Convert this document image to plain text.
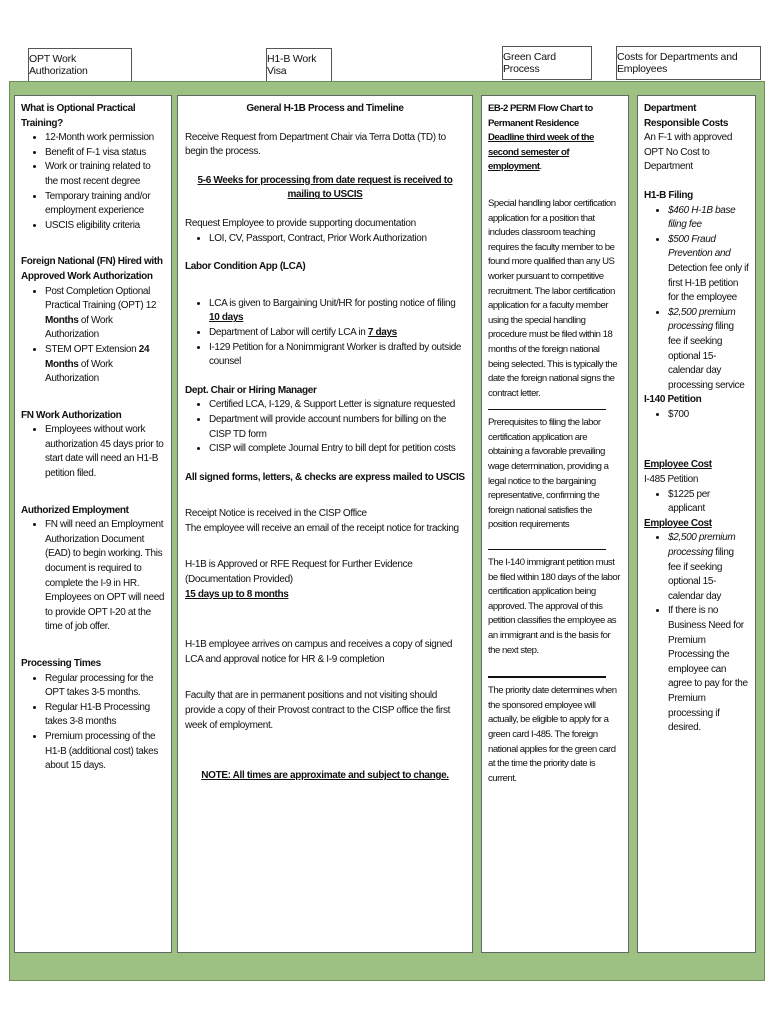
OPT Work Authorization
H1-B Work Visa
Green Card Process
Costs for Departments and Employees
What is Optional Practical Training?
• 12-Month work permission
• Benefit of F-1 visa status
• Work or training related to the most recent degree
• Temporary training and/or employment experience
• USCIS eligibility criteria
Foreign National (FN) Hired with Approved Work Authorization
• Post Completion Optional Practical Training (OPT) 12 Months of Work Authorization
• STEM OPT Extension 24 Months of Work Authorization
FN Work Authorization
• Employees without work authorization 45 days prior to start date will need an H1-B petition filed.
Authorized Employment
• FN will need an Employment Authorization Document (EAD) to begin working. This document is required to complete the I-9 in HR. Employees on OPT will need to provide OPT I-20 at the time of job offer.
Processing Times
• Regular processing for the OPT takes 3-5 months.
• Regular H1-B Processing takes 3-8 months
• Premium processing of the H1-B (additional cost) takes about 15 days.
General H-1B Process and Timeline
Receive Request from Department Chair via Terra Dotta (TD) to begin the process.
5-6 Weeks for processing from date request is received to mailing to USCIS
Request Employee to provide supporting documentation
• LOI, CV, Passport, Contract, Prior Work Authorization
Labor Condition App (LCA)
• LCA is given to Bargaining Unit/HR for posting notice of filing 10 days
• Department of Labor will certify LCA in 7 days
• I-129 Petition for a Nonimmigrant Worker is drafted by outside counsel
Dept. Chair or Hiring Manager
• Certified LCA, I-129, & Support Letter is signature requested
• Department will provide account numbers for billing on the CISP TD form
• CISP will complete Journal Entry to bill dept for petition costs
All signed forms, letters, & checks are express mailed to USCIS
Receipt Notice is received in the CISP Office
The employee will receive an email of the receipt notice for tracking
H-1B is Approved or RFE Request for Further Evidence (Documentation Provided)
15 days up to 8 months
H-1B employee arrives on campus and receives a copy of signed LCA and approval notice for HR & I-9 completion
Faculty that are in permanent positions and not visiting should provide a copy of their Provost contract to the CISP office the first week of employment.
NOTE: All times are approximate and subject to change.
EB-2 PERM Flow Chart to Permanent Residence
Deadline third week of the second semester of employment.
Special handling labor certification application for a position that includes classroom teaching requires the faculty member to be found more qualified than any US worker pursuant to competitive recruitment. The labor certification application for a faculty member using the special handling procedure must be filed within 18 months of the foreign national being selected. This is typically the date the foreign national signs the contract letter.
Prerequisites to filing the labor certification application are obtaining a favorable prevailing wage determination, providing a legal notice to the bargaining representative, confirming the foreign national satisfies the position requirements
The I-140 immigrant petition must be filed within 180 days of the labor certification application being approved. The approval of this petition classifies the employee as an immigrant and is the basis for the next step.
The priority date determines when the sponsored employee will actually, be eligible to apply for a green card I-485. The foreign national applies for the green card at the time the priority date is current.
Department Responsible Costs
An F-1 with approved OPT No Cost to Department
H1-B Filing
• $460 H-1B base filing fee
• $500 Fraud Prevention and Detection fee only if first H-1B petition for the employee
• $2,500 premium processing filing fee if seeking optional 15-calendar day processing service
I-140 Petition
• $700
Employee Cost
I-485 Petition
• $1225 per applicant
Employee Cost
• $2,500 premium processing filing fee if seeking optional 15-calendar day
• If there is no Business Need for Premium Processing the employee can agree to pay for the Premium processing if desired.
